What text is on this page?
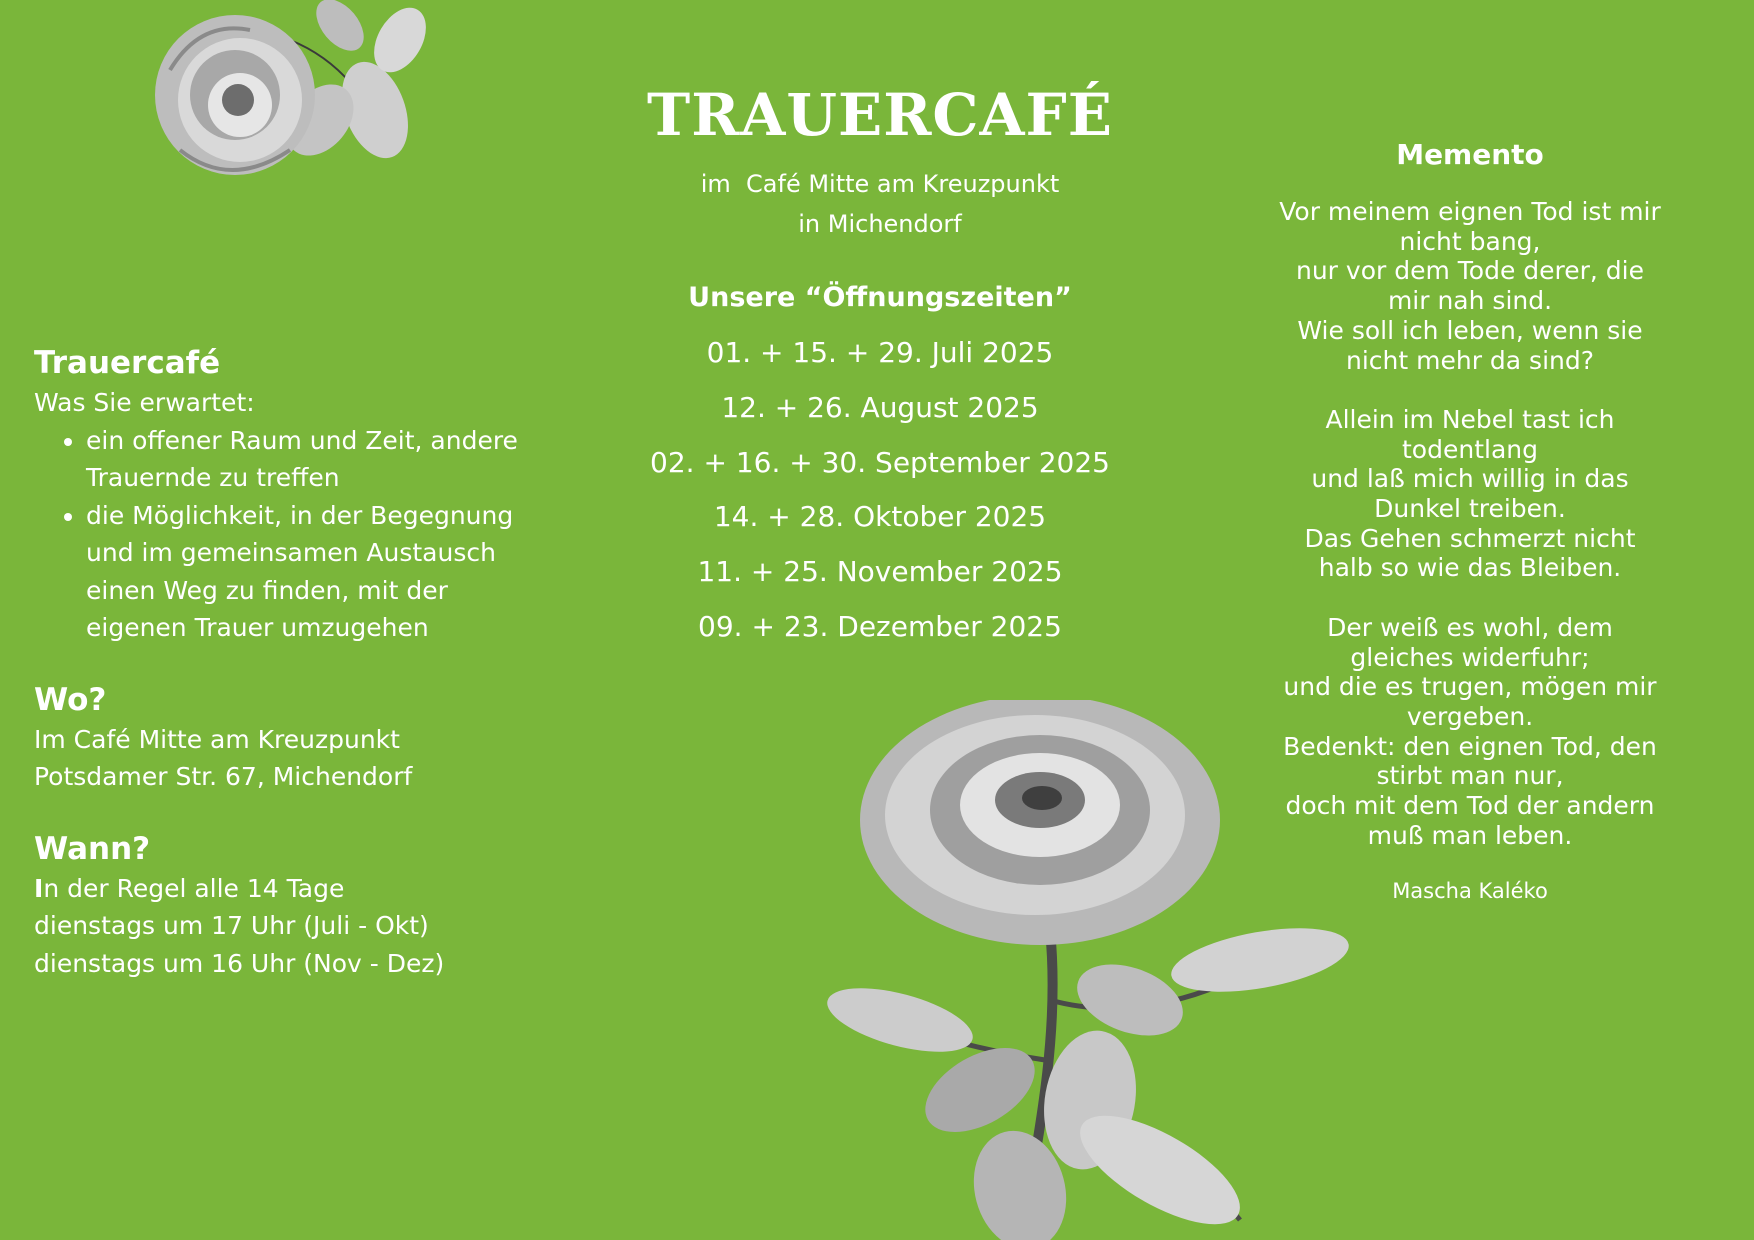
Trauercafé

Was Sie erwartet:

• ein offener Raum und Zeit, andere
Trauernde zu treffen
• die Möglichkeit, in der Begegnung
und im gemeinsamen Austausch
einen Weg zu finden, mit der
eigenen Trauer umzugehen
Wo?
Im Café Mitte am Kreuzpunkt
Potsdamer Str. 67, Michendorf
Wann?
In der Regel alle 14 Tage
dienstags um 17 Uhr (Juli - Okt)
dienstags um 16 Uhr (Nov - Dez)
TRAUERCAFÉ
im  Café Mitte am Kreuzpunkt
in Michendorf
Unsere “Öffnungszeiten”
01. + 15. + 29. Juli 2025
12. + 26. August 2025
02. + 16. + 30. September 2025
14. + 28. Oktober 2025
11. + 25. November 2025
09. + 23. Dezember 2025
Memento
Vor meinem eignen Tod ist mir
nicht bang,
nur vor dem Tode derer, die
mir nah sind.
Wie soll ich leben, wenn sie
nicht mehr da sind?
Allein im Nebel tast ich
todentlang
und laß mich willig in das
Dunkel treiben.
Das Gehen schmerzt nicht
halb so wie das Bleiben.
Der weiß es wohl, dem
gleiches widerfuhr;
und die es trugen, mögen mir
vergeben.
Bedenkt: den eignen Tod, den
stirbt man nur,
doch mit dem Tod der andern
muß man leben.
Mascha Kaléko
